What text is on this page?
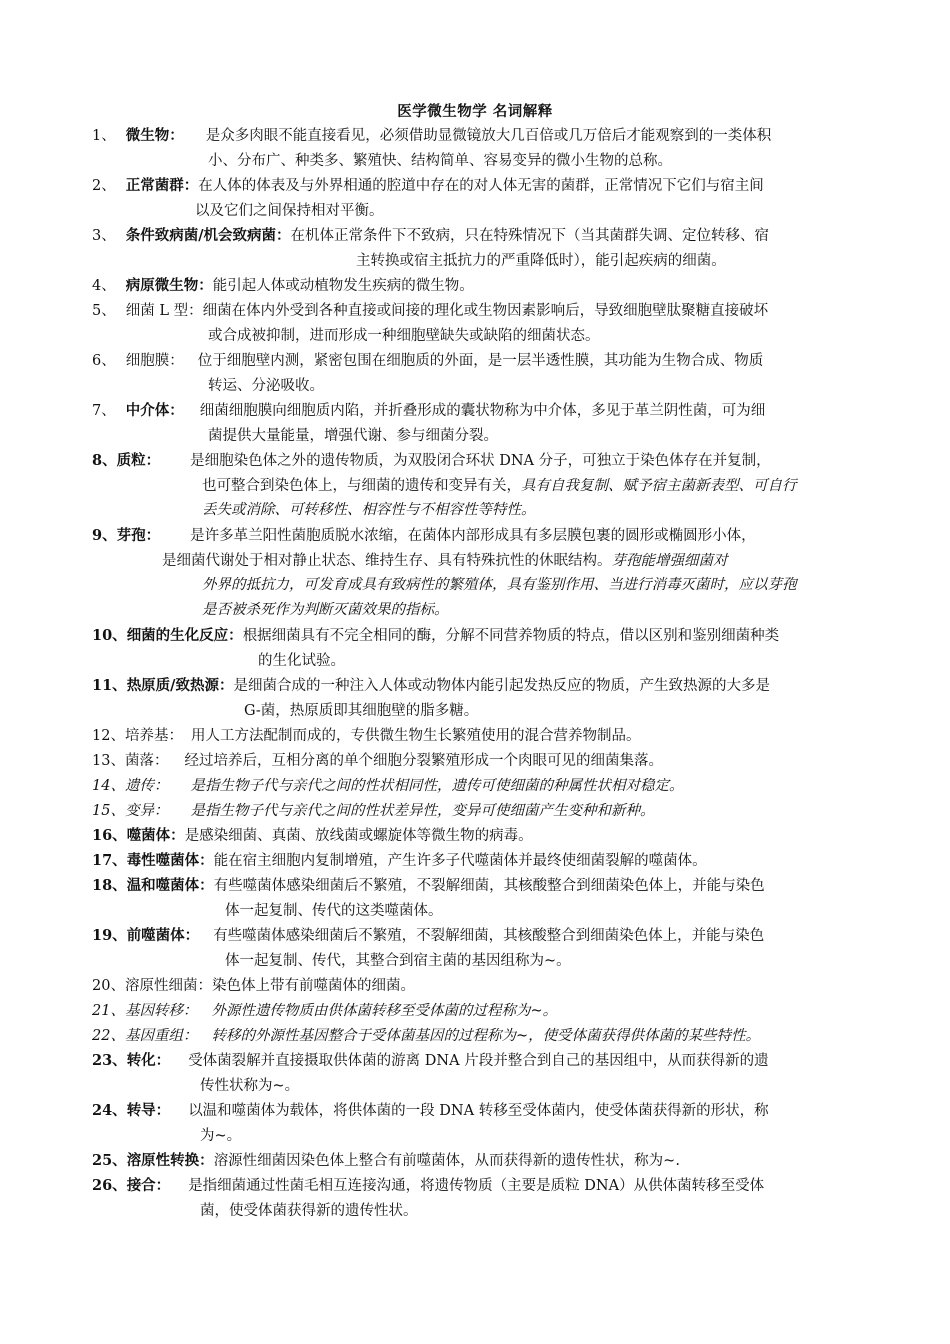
医学微生物学 名词解释
1、 微生物： 是众多肉眼不能直接看见，必须借助显微镜放大几百倍或几万倍后才能观察到的一类体积
小、分布广、种类多、繁殖快、结构简单、容易变异的微小生物的总称。
2、 正常菌群：在人体的体表及与外界相通的腔道中存在的对人体无害的菌群，正常情况下它们与宿主间
以及它们之间保持相对平衡。
3、 条件致病菌/机会致病菌：在机体正常条件下不致病，只在特殊情况下（当其菌群失调、定位转移、宿
主转换或宿主抵抗力的严重降低时），能引起疾病的细菌。
4、 病原微生物：能引起人体或动植物发生疾病的微生物。
5、 细菌 L 型：细菌在体内外受到各种直接或间接的理化或生物因素影响后，导致细胞壁肽聚糖直接破坏
或合成被抑制，进而形成一种细胞壁缺失或缺陷的细菌状态。
6、 细胞膜： 位于细胞壁内测，紧密包围在细胞质的外面，是一层半透性膜，其功能为生物合成、物质
转运、分泌吸收。
7、 中介体： 细菌细胞膜向细胞质内陷，并折叠形成的囊状物称为中介体，多见于革兰阴性菌，可为细
菌提供大量能量，增强代谢、参与细菌分裂。
8、质粒： 是细胞染色体之外的遗传物质，为双股闭合环状 DNA 分子，可独立于染色体存在并复制，
也可整合到染色体上，与细菌的遗传和变异有关，具有自我复制、赋予宿主菌新表型、可自行
丢失或消除、可转移性、相容性与不相容性等特性。
9、芽孢： 是许多革兰阳性菌胞质脱水浓缩，在菌体内部形成具有多层膜包裹的圆形或椭圆形小体，
是细菌代谢处于相对静止状态、维持生存、具有特殊抗性的休眠结构。芽孢能增强细菌对
外界的抵抗力，可发育成具有致病性的繁殖体，具有鉴别作用、当进行消毒灭菌时，应以芽孢
是否被杀死作为判断灭菌效果的指标。
10、细菌的生化反应：根据细菌具有不完全相同的酶，分解不同营养物质的特点，借以区别和鉴别细菌种类
的生化试验。
11、热原质/致热源：是细菌合成的一种注入人体或动物体内能引起发热反应的物质，产生致热源的大多是
G-菌，热原质即其细胞壁的脂多糖。
12、培养基： 用人工方法配制而成的，专供微生物生长繁殖使用的混合营养物制品。
13、菌落： 经过培养后，互相分离的单个细胞分裂繁殖形成一个肉眼可见的细菌集落。
14、遗传： 是指生物子代与亲代之间的性状相同性，遗传可使细菌的种属性状相对稳定。
15、变异： 是指生物子代与亲代之间的性状差异性，变异可使细菌产生变种和新种。
16、噬菌体：是感染细菌、真菌、放线菌或螺旋体等微生物的病毒。
17、毒性噬菌体：能在宿主细胞内复制增殖，产生许多子代噬菌体并最终使细菌裂解的噬菌体。
18、温和噬菌体：有些噬菌体感染细菌后不繁殖，不裂解细菌，其核酸整合到细菌染色体上，并能与染色
体一起复制、传代的这类噬菌体。
19、前噬菌体： 有些噬菌体感染细菌后不繁殖，不裂解细菌，其核酸整合到细菌染色体上，并能与染色
体一起复制、传代，其整合到宿主菌的基因组称为~。
20、溶原性细菌：染色体上带有前噬菌体的细菌。
21、基因转移： 外源性遗传物质由供体菌转移至受体菌的过程称为~。
22、基因重组： 转移的外源性基因整合于受体菌基因的过程称为~，使受体菌获得供体菌的某些特性。
23、转化： 受体菌裂解并直接摄取供体菌的游离 DNA 片段并整合到自己的基因组中，从而获得新的遗
传性状称为~。
24、转导： 以温和噬菌体为载体，将供体菌的一段 DNA 转移至受体菌内，使受体菌获得新的形状，称
为~。
25、溶原性转换：溶源性细菌因染色体上整合有前噬菌体，从而获得新的遗传性状，称为~.
26、接合： 是指细菌通过性菌毛相互连接沟通，将遗传物质（主要是质粒 DNA）从供体菌转移至受体
菌，使受体菌获得新的遗传性状。
